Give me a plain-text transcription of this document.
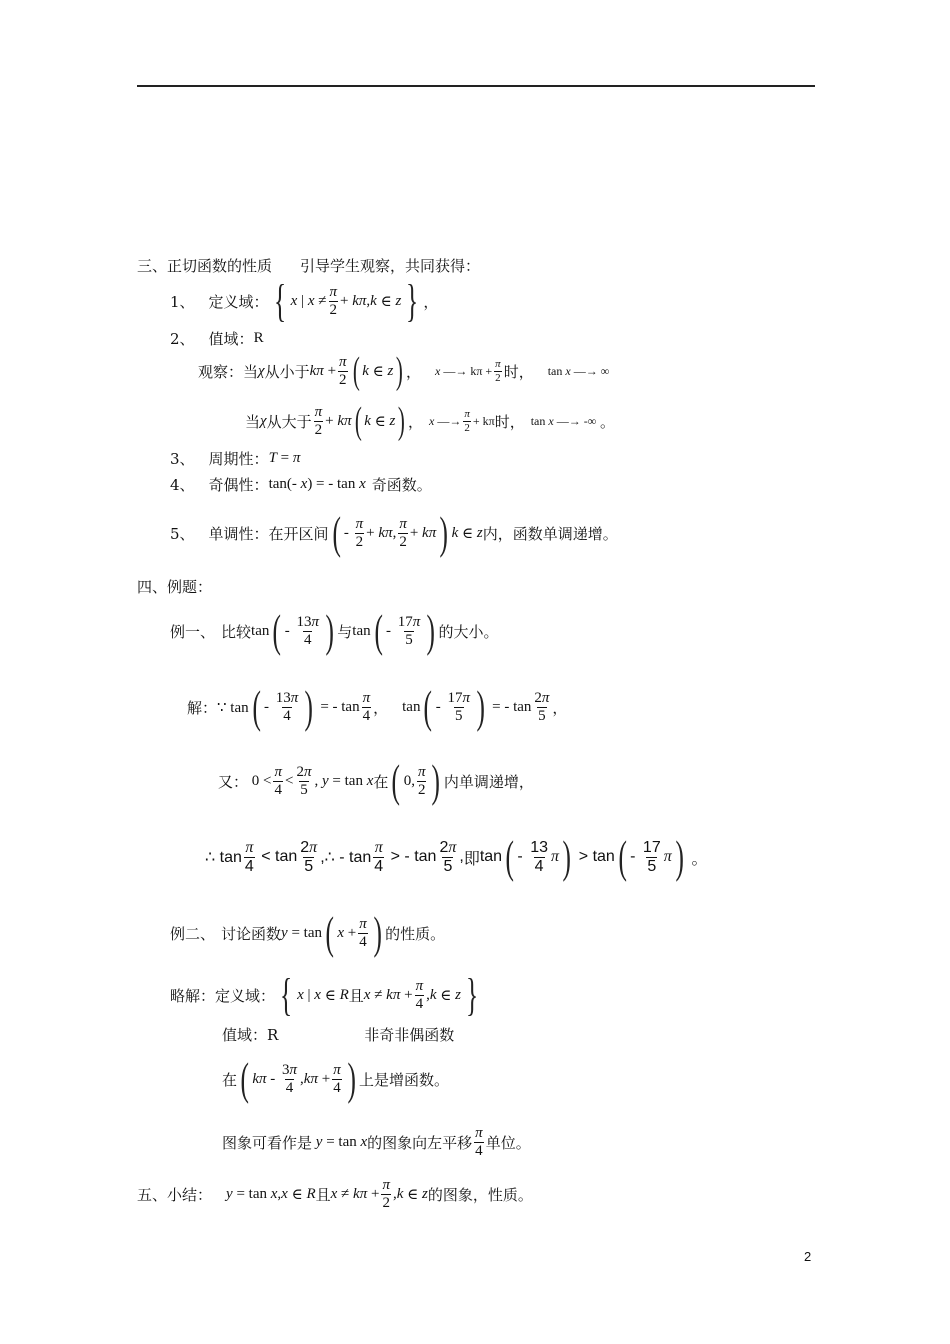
三、正切函数的性质 引导学生观察，共同获得：
1、 定义域： { x | $x \ne \frac{\pi}{2} + k\pi$ , k ∈ z } ，
2、 值域： R
观察：当 χ 从小于 $k\pi + \frac{\pi}{2}$ ( k ∈ z ) ， x —→ $k\pi + \frac{\pi}{2}$ 时， tan x —→ ∞
当 χ 从大于 $\frac{\pi}{2} + k\pi$ ( k ∈ z ) ， x —→ $\frac{\pi}{2} + k\pi$ 时， tan x —→ -∞ 。
3、 周期性： T = π
4、 奇偶性： tan(- x ) = - tan x 奇函数。
5、 单调性：在开区间 ( - $\frac{\pi}{2} + k\pi$ , $\frac{\pi}{2} + k\pi$ ) k ∈ z 内，函数单调递增。
四、例题：
例一、 比较 tan ( - $\frac{13\pi}{4}$ ) 与 tan ( - $\frac{17\pi}{5}$ ) 的大小。
解： ∵ tan ( - $\frac{13\pi}{4}$ ) = - $\tan \frac{\pi}{4}$ ， tan ( - $\frac{17\pi}{5}$ ) = - $\tan \frac{2\pi}{5}$ ，
又： $0 < \frac{\pi}{4} < \frac{2\pi}{5}$ , y = tan x 在 ( 0, $\frac{\pi}{2}$ ) 内单调递增，
∴ $\tan \frac{\pi}{4} < \tan \frac{2\pi}{5}$ ,∴ - $\tan \frac{\pi}{4}$ > - $\tan \frac{2\pi}{5}$ , 即 tan ( - $\frac{13}{4}$ π ) > tan ( - $\frac{17}{5}$ π ) 。
例二、 讨论函数 y = tan ( $x + \frac{\pi}{4}$ ) 的性质。
略解：定义域： { x | x ∈ R 且 $x \ne k\pi + \frac{\pi}{4}$ , k ∈ z }
值域：R	非奇非偶函数
在 ( kπ - $\frac{3\pi}{4}$ , $k\pi + \frac{\pi}{4}$ ) 上是增函数。
图象可看作是 y = tan x 的图象向左平移 $\frac{\pi}{4}$ 单位。
五、小结： y = tan x , x ∈ R 且 $x \ne k\pi + \frac{\pi}{2}$ , k ∈ z 的图象，性质。
2
